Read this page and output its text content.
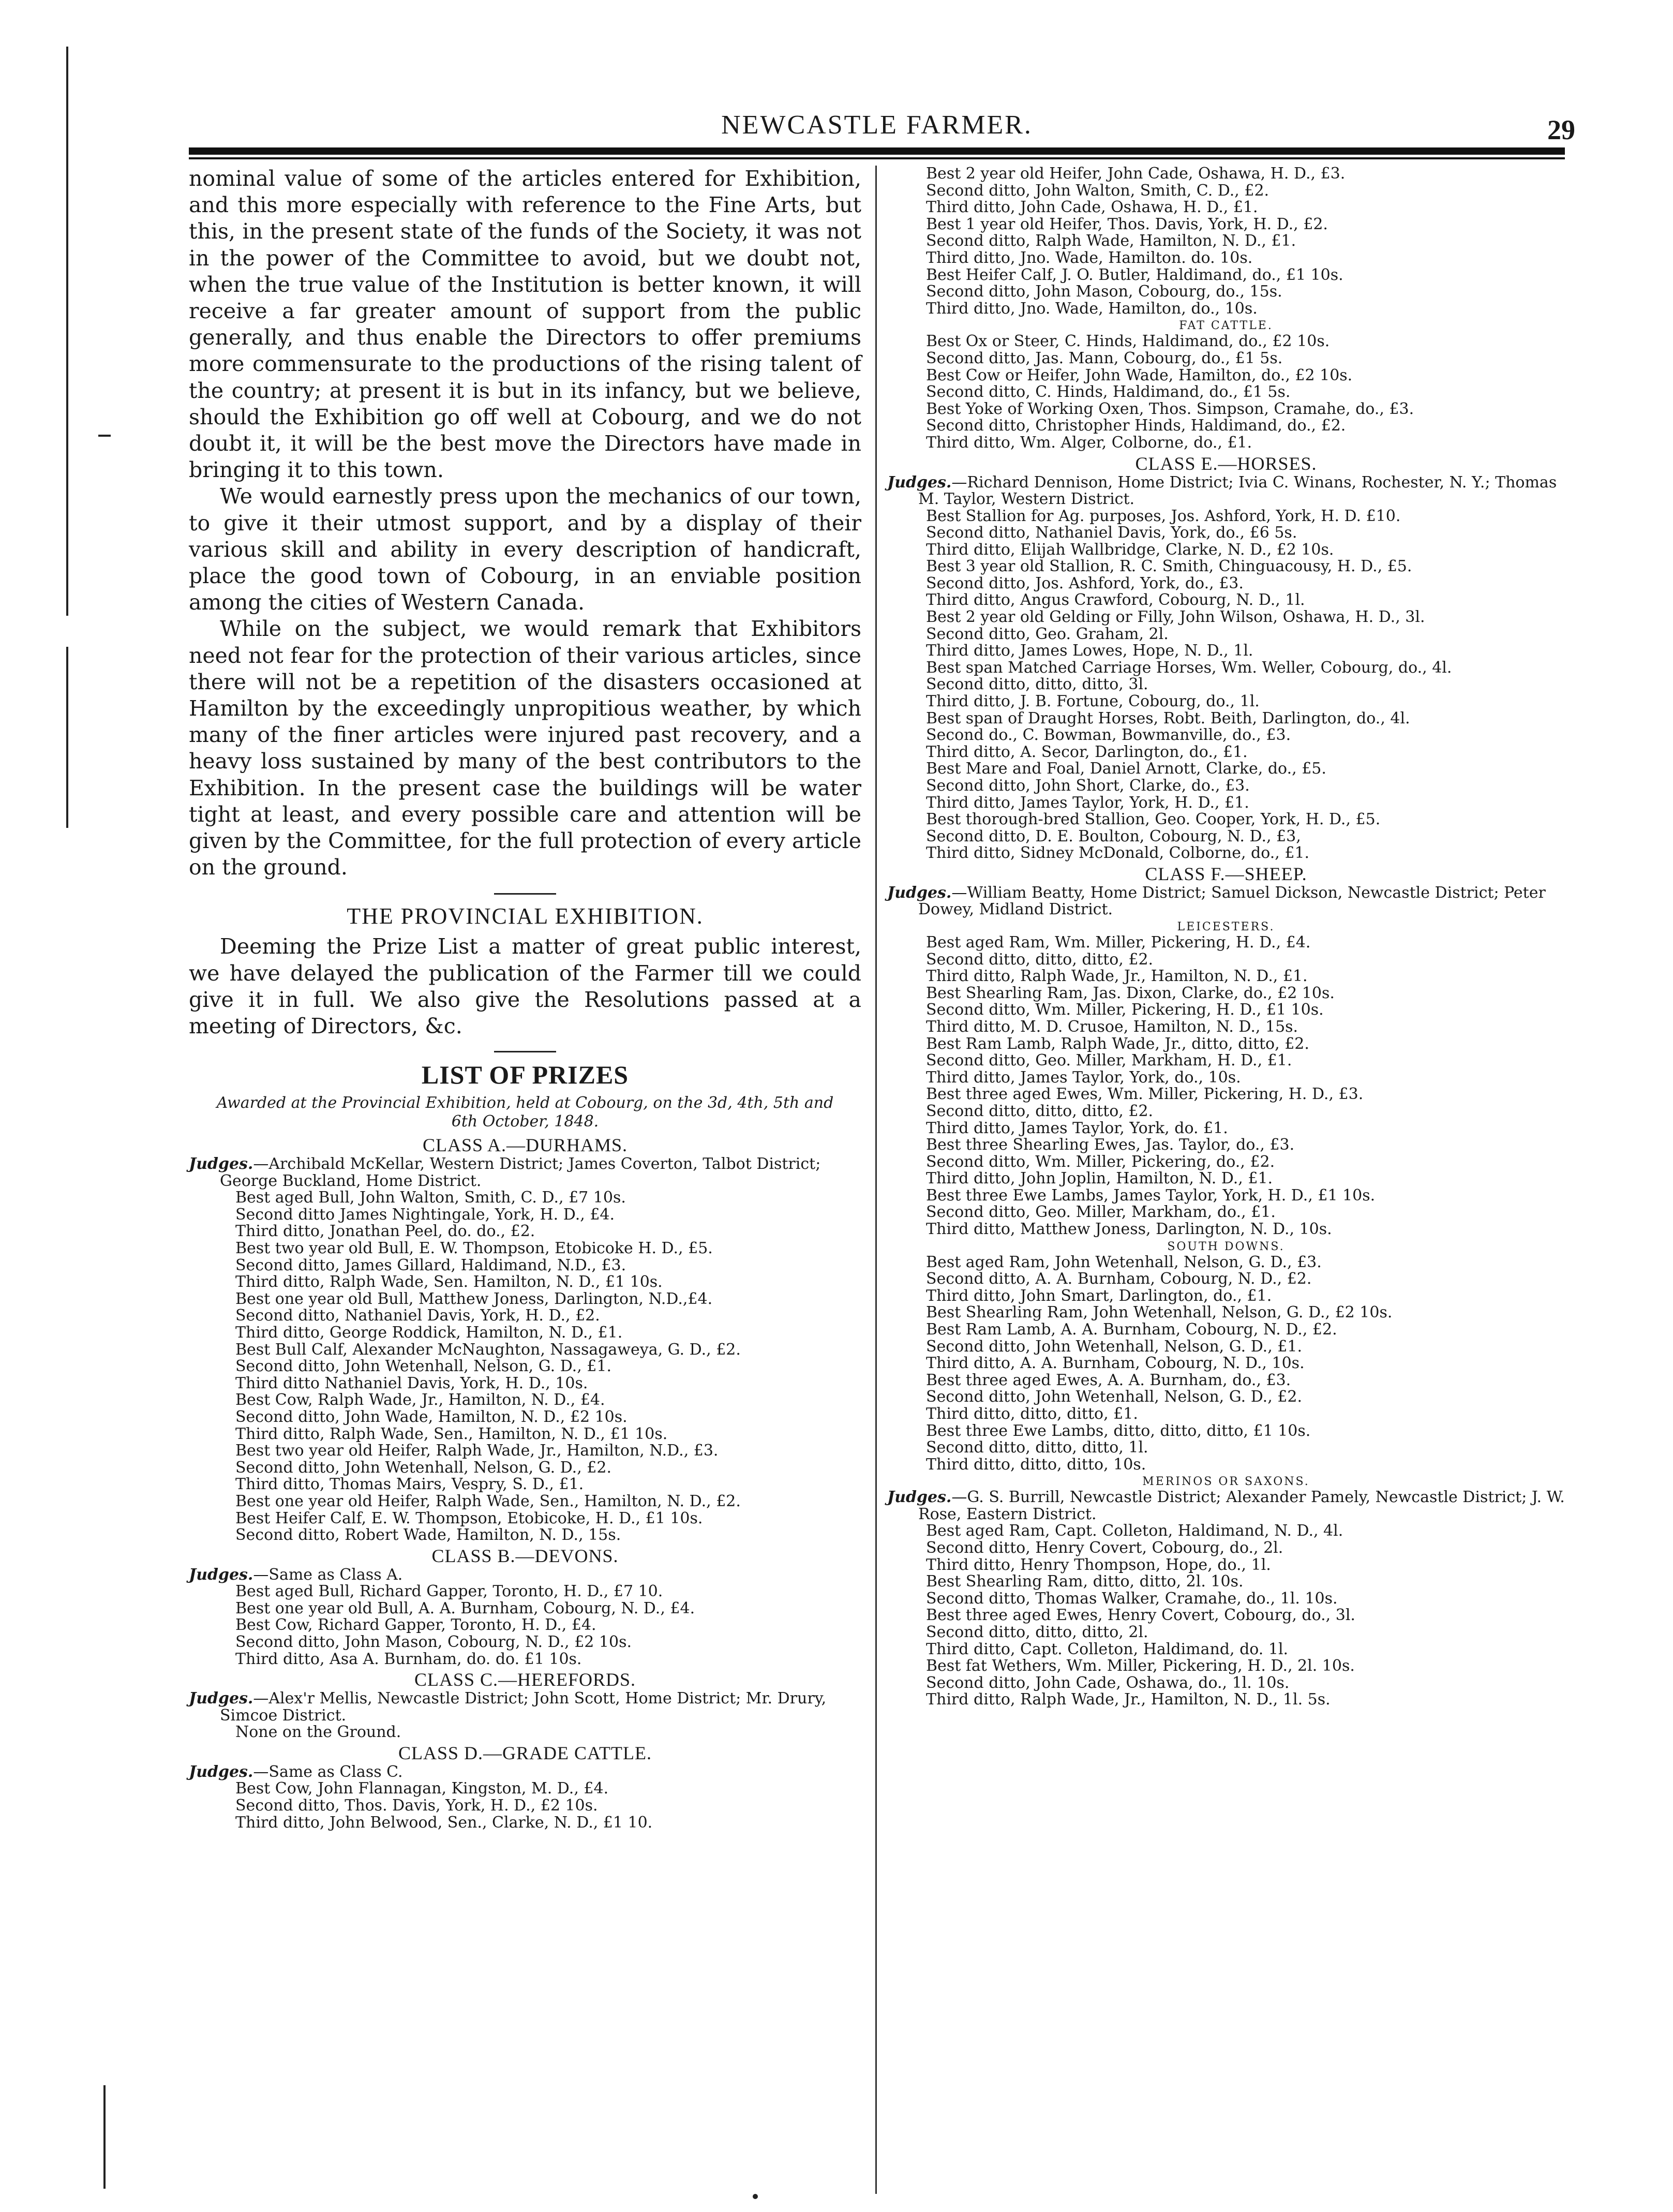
NEWCASTLE FARMER.	29

nominal value of some of the articles entered for Exhibition, and this more especially with reference to the Fine Arts, but this, in the present state of the funds of the Society, it was not in the power of the Committee to avoid, but we doubt not, when the true value of the Institution is better known, it will receive a far greater amount of support from the public generally, and thus enable the Directors to offer premiums more commensurate to the productions of the rising talent of the country; at present it is but in its infancy, but we believe, should the Exhibition go off well at Cobourg, and we do not doubt it, it will be the best move the Directors have made in bringing it to this town.

We would earnestly press upon the mechanics of our town, to give it their utmost support, and by a display of their various skill and ability in every description of handicraft, place the good town of Cobourg, in an enviable position among the cities of Western Canada.

While on the subject, we would remark that Exhibitors need not fear for the protection of their various articles, since there will not be a repetition of the disasters occasioned at Hamilton by the exceedingly unpropitious weather, by which many of the finer articles were injured past recovery, and a heavy loss sustained by many of the best contributors to the Exhibition. In the present case the buildings will be water tight at least, and every possible care and attention will be given by the Committee, for the full protection of every article on the ground.

THE PROVINCIAL EXHIBITION.

Deeming the Prize List a matter of great public interest, we have delayed the publication of the Farmer till we could give it in full. We also give the Resolutions passed at a meeting of Directors, &c.

LIST OF PRIZES
Awarded at the Provincial Exhibition, held at Cobourg, on the 3d, 4th, 5th and 6th October, 1848.
CLASS A.—DURHAMS.

Judges.—Archibald McKellar, Western District; James Coverton, Talbot District; George Buckland, Home District.

Best aged Bull, John Walton, Smith, C. D., £7 10s.
Second ditto James Nightingale, York, H. D., £4.
Third ditto, Jonathan Peel, do. do., £2.
Best two year old Bull, E. W. Thompson, Etobicoke H. D., £5.
Second ditto, James Gillard, Haldimand, N.D., £3.
Third ditto, Ralph Wade, Sen. Hamilton, N. D., £1 10s.
Best one year old Bull, Matthew Joness, Darlington, N.D.,£4.
Second ditto, Nathaniel Davis, York, H. D., £2.
Third ditto, George Roddick, Hamilton, N. D., £1.
Best Bull Calf, Alexander McNaughton, Nassagaweya, G. D., £2.
Second ditto, John Wetenhall, Nelson, G. D., £1.
Third ditto Nathaniel Davis, York, H. D., 10s.
Best Cow, Ralph Wade, Jr., Hamilton, N. D., £4.
Second ditto, John Wade, Hamilton, N. D., £2 10s.
Third ditto, Ralph Wade, Sen., Hamilton, N. D., £1 10s.
Best two year old Heifer, Ralph Wade, Jr., Hamilton, N.D., £3.
Second ditto, John Wetenhall, Nelson, G. D., £2.
Third ditto, Thomas Mairs, Vespry, S. D., £1.
Best one year old Heifer, Ralph Wade, Sen., Hamilton, N. D., £2.
Best Heifer Calf, E. W. Thompson, Etobicoke, H. D., £1 10s.
Second ditto, Robert Wade, Hamilton, N. D., 15s.
CLASS B.—DEVONS.

Judges.—Same as Class A.

Best aged Bull, Richard Gapper, Toronto, H. D., £7 10.
Best one year old Bull, A. A. Burnham, Cobourg, N. D., £4.
Best Cow, Richard Gapper, Toronto, H. D., £4.
Second ditto, John Mason, Cobourg, N. D., £2 10s.
Third ditto, Asa A. Burnham, do. do. £1 10s.
CLASS C.—HEREFORDS.

Judges.—Alex'r Mellis, Newcastle District; John Scott, Home District; Mr. Drury, Simcoe District.

None on the Ground.
CLASS D.—GRADE CATTLE.

Judges.—Same as Class C.

Best Cow, John Flannagan, Kingston, M. D., £4.
Second ditto, Thos. Davis, York, H. D., £2 10s.
Third ditto, John Belwood, Sen., Clarke, N. D., £1 10.
Best 2 year old Heifer, John Cade, Oshawa, H. D., £3.
Second ditto, John Walton, Smith, C. D., £2.
Third ditto, John Cade, Oshawa, H. D., £1.
Best 1 year old Heifer, Thos. Davis, York, H. D., £2.
Second ditto, Ralph Wade, Hamilton, N. D., £1.
Third ditto, Jno. Wade, Hamilton. do. 10s.
Best Heifer Calf, J. O. Butler, Haldimand, do., £1 10s.
Second ditto, John Mason, Cobourg, do., 15s.
Third ditto, Jno. Wade, Hamilton, do., 10s.
FAT CATTLE.
Best Ox or Steer, C. Hinds, Haldimand, do., £2 10s.
Second ditto, Jas. Mann, Cobourg, do., £1 5s.
Best Cow or Heifer, John Wade, Hamilton, do., £2 10s.
Second ditto, C. Hinds, Haldimand, do., £1 5s.
Best Yoke of Working Oxen, Thos. Simpson, Cramahe, do., £3.
Second ditto, Christopher Hinds, Haldimand, do., £2.
Third ditto, Wm. Alger, Colborne, do., £1.
CLASS E.—HORSES.

Judges.—Richard Dennison, Home District; Ivia C. Winans, Rochester, N. Y.; Thomas M. Taylor, Western District.

Best Stallion for Ag. purposes, Jos. Ashford, York, H. D. £10.
Second ditto, Nathaniel Davis, York, do., £6 5s.
Third ditto, Elijah Wallbridge, Clarke, N. D., £2 10s.
Best 3 year old Stallion, R. C. Smith, Chinguacousy, H. D., £5.
Second ditto, Jos. Ashford, York, do., £3.
Third ditto, Angus Crawford, Cobourg, N. D., 1l.
Best 2 year old Gelding or Filly, John Wilson, Oshawa, H. D., 3l.
Second ditto, Geo. Graham, 2l.
Third ditto, James Lowes, Hope, N. D., 1l.
Best span Matched Carriage Horses, Wm. Weller, Cobourg, do., 4l.
Second ditto, ditto, ditto, 3l.
Third ditto, J. B. Fortune, Cobourg, do., 1l.
Best span of Draught Horses, Robt. Beith, Darlington, do., 4l.
Second do., C. Bowman, Bowmanville, do., £3.
Third ditto, A. Secor, Darlington, do., £1.
Best Mare and Foal, Daniel Arnott, Clarke, do., £5.
Second ditto, John Short, Clarke, do., £3.
Third ditto, James Taylor, York, H. D., £1.
Best thorough-bred Stallion, Geo. Cooper, York, H. D., £5.
Second ditto, D. E. Boulton, Cobourg, N. D., £3,
Third ditto, Sidney McDonald, Colborne, do., £1.
CLASS F.—SHEEP.

Judges.—William Beatty, Home District; Samuel Dickson, Newcastle District; Peter Dowey, Midland District.

LEICESTERS.
Best aged Ram, Wm. Miller, Pickering, H. D., £4.
Second ditto, ditto, ditto, £2.
Third ditto, Ralph Wade, Jr., Hamilton, N. D., £1.
Best Shearling Ram, Jas. Dixon, Clarke, do., £2 10s.
Second ditto, Wm. Miller, Pickering, H. D., £1 10s.
Third ditto, M. D. Crusoe, Hamilton, N. D., 15s.
Best Ram Lamb, Ralph Wade, Jr., ditto, ditto, £2.
Second ditto, Geo. Miller, Markham, H. D., £1.
Third ditto, James Taylor, York, do., 10s.
Best three aged Ewes, Wm. Miller, Pickering, H. D., £3.
Second ditto, ditto, ditto, £2.
Third ditto, James Taylor, York, do. £1.
Best three Shearling Ewes, Jas. Taylor, do., £3.
Second ditto, Wm. Miller, Pickering, do., £2.
Third ditto, John Joplin, Hamilton, N. D., £1.
Best three Ewe Lambs, James Taylor, York, H. D., £1 10s.
Second ditto, Geo. Miller, Markham, do., £1.
Third ditto, Matthew Joness, Darlington, N. D., 10s.
SOUTH DOWNS.
Best aged Ram, John Wetenhall, Nelson, G. D., £3.
Second ditto, A. A. Burnham, Cobourg, N. D., £2.
Third ditto, John Smart, Darlington, do., £1.
Best Shearling Ram, John Wetenhall, Nelson, G. D., £2 10s.
Best Ram Lamb, A. A. Burnham, Cobourg, N. D., £2.
Second ditto, John Wetenhall, Nelson, G. D., £1.
Third ditto, A. A. Burnham, Cobourg, N. D., 10s.
Best three aged Ewes, A. A. Burnham, do., £3.
Second ditto, John Wetenhall, Nelson, G. D., £2.
Third ditto, ditto, ditto, £1.
Best three Ewe Lambs, ditto, ditto, ditto, £1 10s.
Second ditto, ditto, ditto, 1l.
Third ditto, ditto, ditto, 10s.
MERINOS OR SAXONS.

Judges.—G. S. Burrill, Newcastle District; Alexander Pamely, Newcastle District; J. W. Rose, Eastern District.

Best aged Ram, Capt. Colleton, Haldimand, N. D., 4l.
Second ditto, Henry Covert, Cobourg, do., 2l.
Third ditto, Henry Thompson, Hope, do., 1l.
Best Shearling Ram, ditto, ditto, 2l. 10s.
Second ditto, Thomas Walker, Cramahe, do., 1l. 10s.
Best three aged Ewes, Henry Covert, Cobourg, do., 3l.
Second ditto, ditto, ditto, 2l.
Third ditto, Capt. Colleton, Haldimand, do. 1l.
Best fat Wethers, Wm. Miller, Pickering, H. D., 2l. 10s.
Second ditto, John Cade, Oshawa, do., 1l. 10s.
Third ditto, Ralph Wade, Jr., Hamilton, N. D., 1l. 5s.
